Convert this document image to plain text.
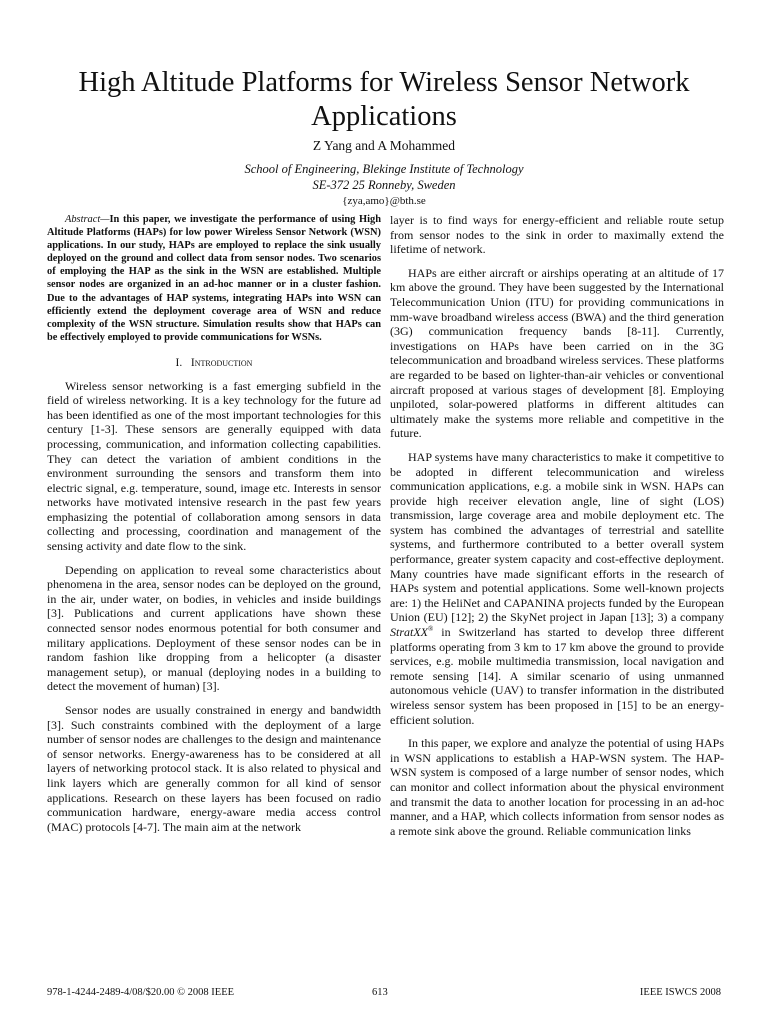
High Altitude Platforms for Wireless Sensor Network Applications
Z Yang and A Mohammed
School of Engineering, Blekinge Institute of Technology
SE-372 25 Ronneby, Sweden
{zya,amo}@bth.se

Abstract—In this paper, we investigate the performance of using High Altitude Platforms (HAPs) for low power Wireless Sensor Network (WSN) applications. In our study, HAPs are employed to replace the sink usually deployed on the ground and collect data from sensor nodes. Two scenarios of employing the HAP as the sink in the WSN are established. Multiple sensor nodes are organized in an ad-hoc manner or in a cluster fashion. Due to the advantages of HAP systems, integrating HAPs into WSN can efficiently extend the deployment coverage area of WSN and reduce complexity of the WSN structure. Simulation results show that HAPs can be effectively employed to provide communications for WSNs.

I. Introduction

Wireless sensor networking is a fast emerging subfield in the field of wireless networking. It is a key technology for the future ad has been identified as one of the most important technologies for this century [1-3]. These sensors are generally equipped with data processing, communication, and information collecting capabilities. They can detect the variation of ambient conditions in the environment surrounding the sensors and transform them into electric signal, e.g. temperature, sound, image etc. Interests in sensor networks have motivated intensive research in the past few years emphasizing the potential of collaboration among sensors in data collecting and processing, coordination and management of the sensing activity and date flow to the sink.

Depending on application to reveal some characteristics about phenomena in the area, sensor nodes can be deployed on the ground, in the air, under water, on bodies, in vehicles and inside buildings [3]. Publications and current applications have shown these connected sensor nodes enormous potential for both consumer and military applications. Deployment of these sensor nodes can be in random fashion like dropping from a helicopter (a disaster management setup), or manual (deploying nodes in a building to detect the movement of human) [3].

Sensor nodes are usually constrained in energy and bandwidth [3]. Such constraints combined with the deployment of a large number of sensor nodes are challenges to the design and maintenance of sensor networks. Energy-awareness has to be considered at all layers of networking protocol stack. It is also related to physical and link layers which are generally common for all kind of sensor applications. Research on these layers has been focused on radio communication hardware, energy-aware media access control (MAC) protocols [4-7]. The main aim at the network

layer is to find ways for energy-efficient and reliable route setup from sensor nodes to the sink in order to maximally extend the lifetime of network.

HAPs are either aircraft or airships operating at an altitude of 17 km above the ground. They have been suggested by the International Telecommunication Union (ITU) for providing communications in mm-wave broadband wireless access (BWA) and the third generation (3G) communication frequency bands [8-11]. Currently, investigations on HAPs have been carried on in the 3G telecommunication and broadband wireless services. These platforms are regarded to be based on lighter-than-air vehicles or conventional aircraft proposed at various stages of development [8]. Employing unpiloted, solar-powered platforms in different altitudes can ultimately make the systems more reliable and competitive in the future.

HAP systems have many characteristics to make it competitive to be adopted in different telecommunication and wireless communication applications, e.g. a mobile sink in WSN. HAPs can provide high receiver elevation angle, line of sight (LOS) transmission, large coverage area and mobile deployment etc. The system has combined the advantages of terrestrial and satellite systems, and furthermore contributed to a better overall system performance, greater system capacity and cost-effective deployment. Many countries have made significant efforts in the research of HAPs system and potential applications. Some well-known projects are: 1) the HeliNet and CAPANINA projects funded by the European Union (EU) [12]; 2) the SkyNet project in Japan [13]; 3) a company StratXX® in Switzerland has started to develop three different platforms operating from 3 km to 17 km above the ground to provide services, e.g. mobile multimedia transmission, local navigation and remote sensing [14]. A similar scenario of using unmanned autonomous vehicle (UAV) to transfer information in the distributed wireless sensor system has been proposed in [15] to be an energy-efficient solution.

In this paper, we explore and analyze the potential of using HAPs in WSN applications to establish a HAP-WSN system. The HAP-WSN system is composed of a large number of sensor nodes, which can monitor and collect information about the physical environment and transmit the data to another location for processing in an ad-hoc manner, and a HAP, which collects information from sensor nodes as a remote sink above the ground. Reliable communication links

978-1-4244-2489-4/08/$20.00 © 2008 IEEE	613	IEEE ISWCS 2008
